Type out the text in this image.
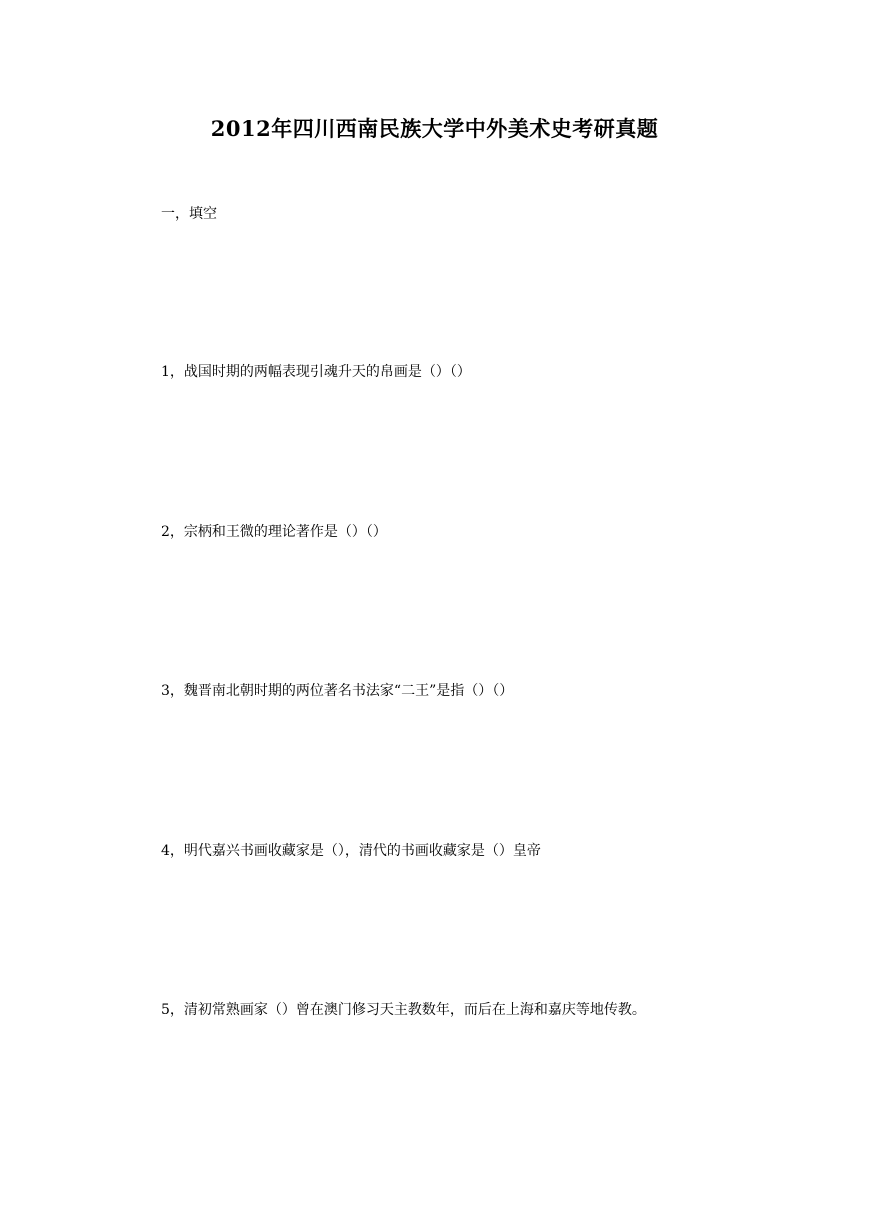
2012年四川西南民族大学中外美术史考研真题
一，填空
1，战国时期的两幅表现引魂升天的帛画是（）（）
2，宗柄和王微的理论著作是（）（）
3，魏晋南北朝时期的两位著名书法家“二王”是指（）（）
4，明代嘉兴书画收藏家是（），清代的书画收藏家是（）皇帝
5，清初常熟画家（）曾在澳门修习天主教数年，而后在上海和嘉庆等地传教。
